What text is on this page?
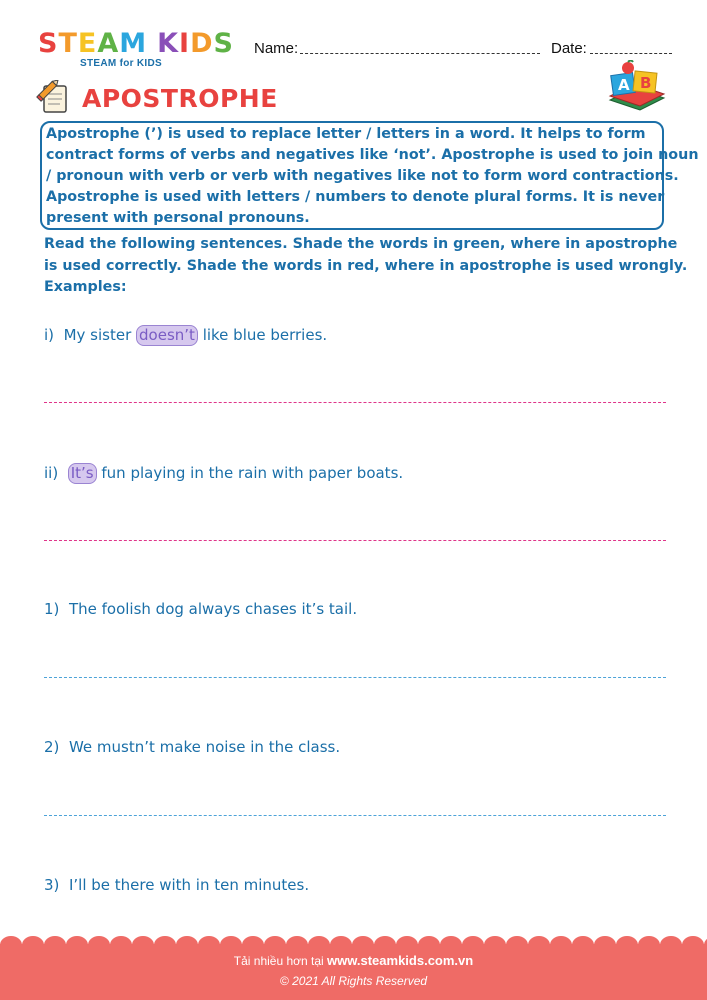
STEAM KIDS
STEAM for KIDS
Name:	Date:
APOSTROPHE	A B
Apostrophe (’) is used to replace letter / letters in a word. It helps to form
contract forms of verbs and negatives like ‘not’. Apostrophe is used to join noun
/ pronoun with verb or verb with negatives like not to form word contractions.
Apostrophe is used with letters / numbers to denote plural forms. It is never
present with personal pronouns.
Read the following sentences. Shade the words in green, where in apostrophe
is used correctly. Shade the words in red, where in apostrophe is used wrongly.
Examples:
i) My sister doesn’t like blue berries.
ii) It’s fun playing in the rain with paper boats.
1) The foolish dog always chases it’s tail.
2) We mustn’t make noise in the class.
3) I’ll be there with in ten minutes.
Tải nhiều hơn tại www.steamkids.com.vn
© 2021 All Rights Reserved
